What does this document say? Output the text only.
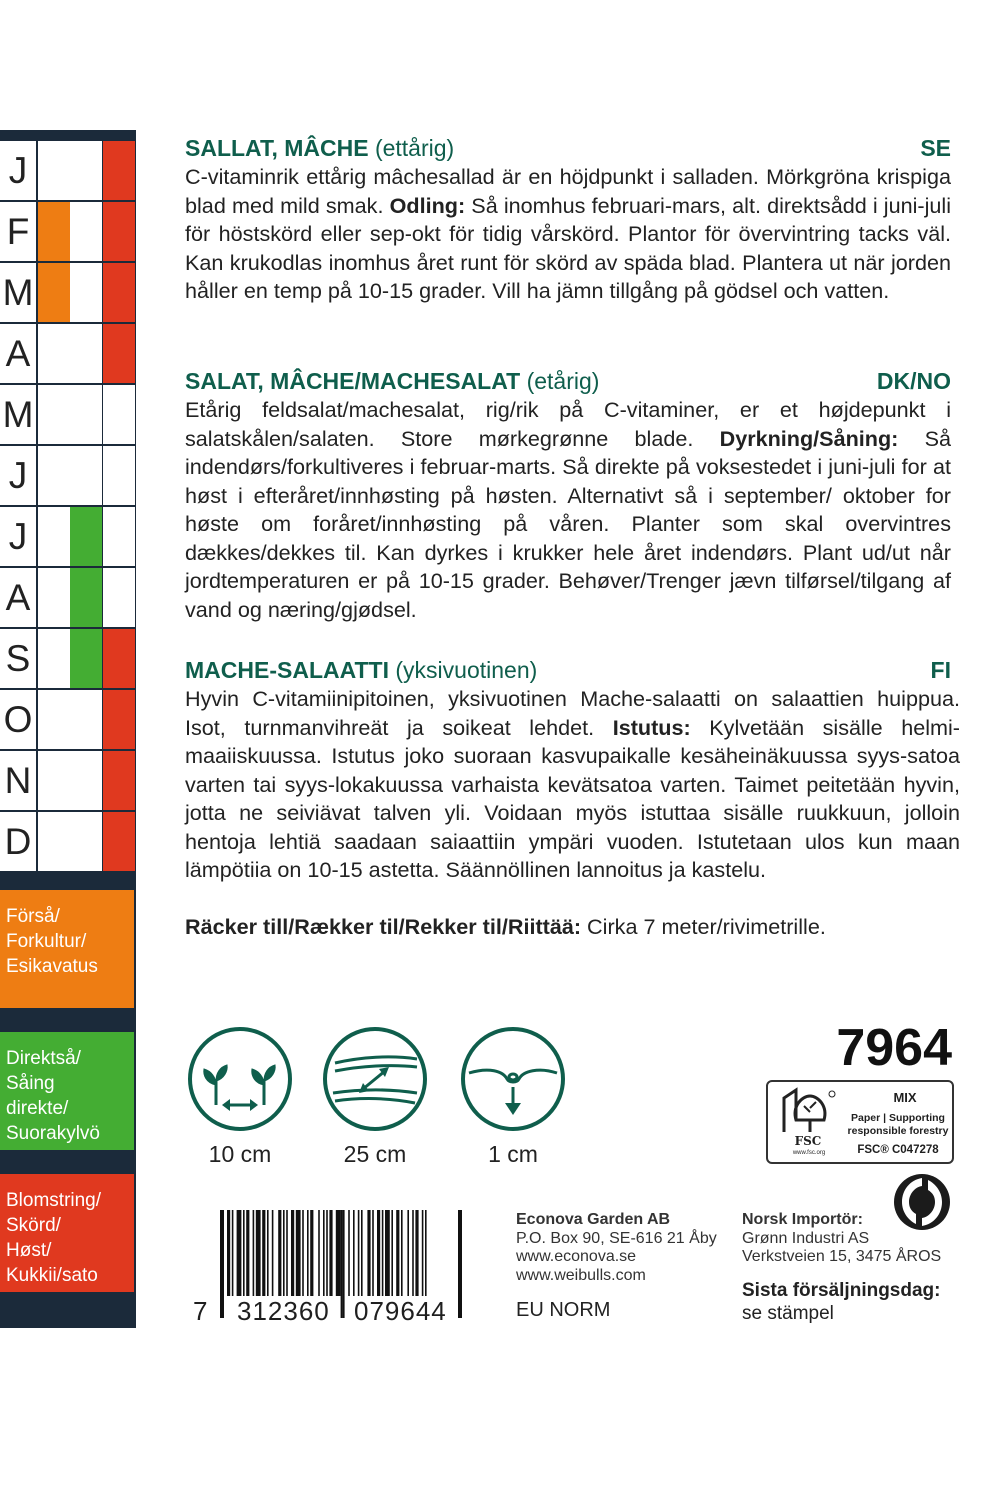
J
F
M
A
M
J
J
A
S
O
N
D
Förså/
Forkultur/
Esikavatus
Direktså/
Såing
direkte/
Suorakylvö
Blomstring/
Skörd/
Høst/
Kukkii/sato
SALLAT, MÂCHE (ettårig)	SE

C-vitaminrik ettårig mâchesallad är en höjdpunkt i salladen. Mörkgröna krispiga blad med mild smak. Odling: Så inomhus februari-mars, alt. direktsådd i juni-juli för höstskörd eller sep-okt för tidig vårskörd. Plantor för övervintring tacks väl. Kan krukodlas inomhus året runt för skörd av späda blad. Plantera ut när jorden håller en temp på 10-15 grader. Vill ha jämn tillgång på gödsel och vatten.

SALAT, MÂCHE/MACHESALAT (etårig)	DK/NO

Etårig feldsalat/machesalat, rig/rik på C-vitaminer, er et højdepunkt i salatskålen/salaten. Store mørkegrønne blade. Dyrkning/Såning: Så indendørs/forkultiveres i februar-marts. Så direkte på voksestedet i juni-juli for at høst i efteråret/innhøsting på høsten. Alternativt så i september/ oktober for høste om foråret/innhøsting på våren. Planter som skal overvintres dækkes/dekkes til. Kan dyrkes i krukker hele året indendørs. Plant ud/ut når jordtemperaturen er på 10-15 grader. Behøver/Trenger jævn tilførsel/tilgang af vand og næring/gjødsel.

MACHE-SALAATTI (yksivuotinen)	FI

Hyvin C-vitamiinipitoinen, yksivuotinen Mache-salaatti on salaattien huippua. Isot, turnmanvihreät ja soikeat lehdet. Istutus: Kylvetään sisälle helmi-maaiiskuussa. Istutus joko suoraan kasvupaikalle kesäheinäkuussa syys-satoa varten tai syys-lokakuussa varhaista kevätsatoa varten. Taimet peitetään hyvin, jotta ne seiviävat talven yli. Voidaan myös istuttaa sisälle ruukkuun, jolloin hentoja lehtiä saadaan saiaattiin ympäri vuoden. Istutetaan ulos kun maan lämpötiia on 10-15 astetta. Säännöllinen lannoitus ja kastelu.

Räcker till/Rækker til/Rekker til/Riittää: Cirka 7 meter/rivimetrille.
10 cm	25 cm	1 cm
7964
FSC
www.fsc.org
MIX
Paper | Supporting
responsible forestry
FSC® C047278
7 312360 079644
Econova Garden AB
P.O. Box 90, SE-616 21 Åby
www.econova.se
www.weibulls.com
EU NORM
Norsk Importör:
Grønn Industri AS
Verkstveien 15, 3475 ÅROS
Sista försäljningsdag:
se stämpel
